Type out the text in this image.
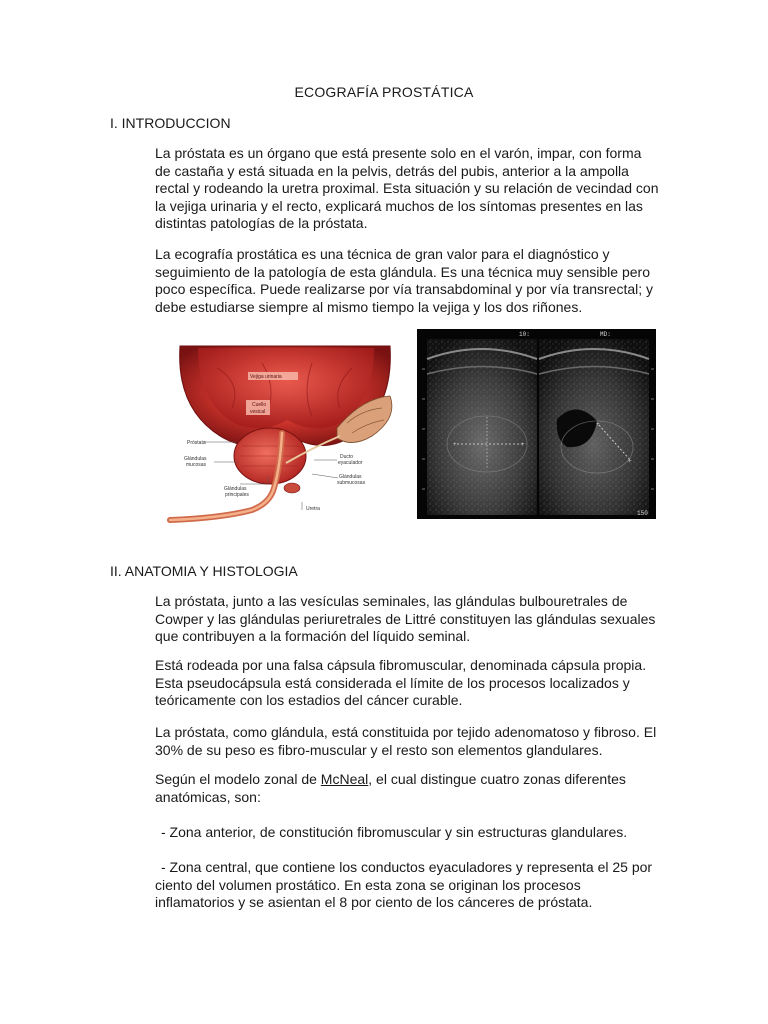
ECOGRAFÍA PROSTÁTICA
I. INTRODUCCION

La próstata es un órgano que está presente solo en el varón, impar, con forma de castaña y está situada en la pelvis, detrás del pubis, anterior a la ampolla rectal y rodeando la uretra proximal. Esta situación y su relación de vecindad con la vejiga urinaria y el recto, explicará muchos de los síntomas presentes en las distintas patologías de la próstata.

La ecografía prostática es una técnica de gran valor para el diagnóstico y seguimiento de la patología de esta glándula. Es una técnica muy sensible pero poco específica. Puede realizarse por vía transabdominal y por vía transrectal; y debe estudiarse siempre al mismo tiempo la vejiga y los dos riñones.

Vejiga urinaria
Cuello
vesical
Próstata
Glándulas
mucosas
Glándulas
principales
Ducto
eyaculador
Glándulas
submucosas
Uretra
+	+
+
+
10:	MD:
150
II. ANATOMIA Y HISTOLOGIA

La próstata, junto a las vesículas seminales, las glándulas bulbouretrales de Cowper y las glándulas periuretrales de Littré constituyen las glándulas sexuales que contribuyen a la formación del líquido seminal.

Está rodeada por una falsa cápsula fibromuscular, denominada cápsula propia. Esta pseudocápsula está considerada el límite de los procesos localizados y teóricamente con los estadios del cáncer curable.

La próstata, como glándula, está constituida por tejido adenomatoso y fibroso. El 30% de su peso es fibro-muscular y el resto son elementos glandulares.

Según el modelo zonal de McNeal, el cual distingue cuatro zonas diferentes anatómicas, son:

- Zona anterior, de constitución fibromuscular y sin estructuras glandulares.

- Zona central, que contiene los conductos eyaculadores y representa el 25 por ciento del volumen prostático. En esta zona se originan los procesos inflamatorios y se asientan el 8 por ciento de los cánceres de próstata.
